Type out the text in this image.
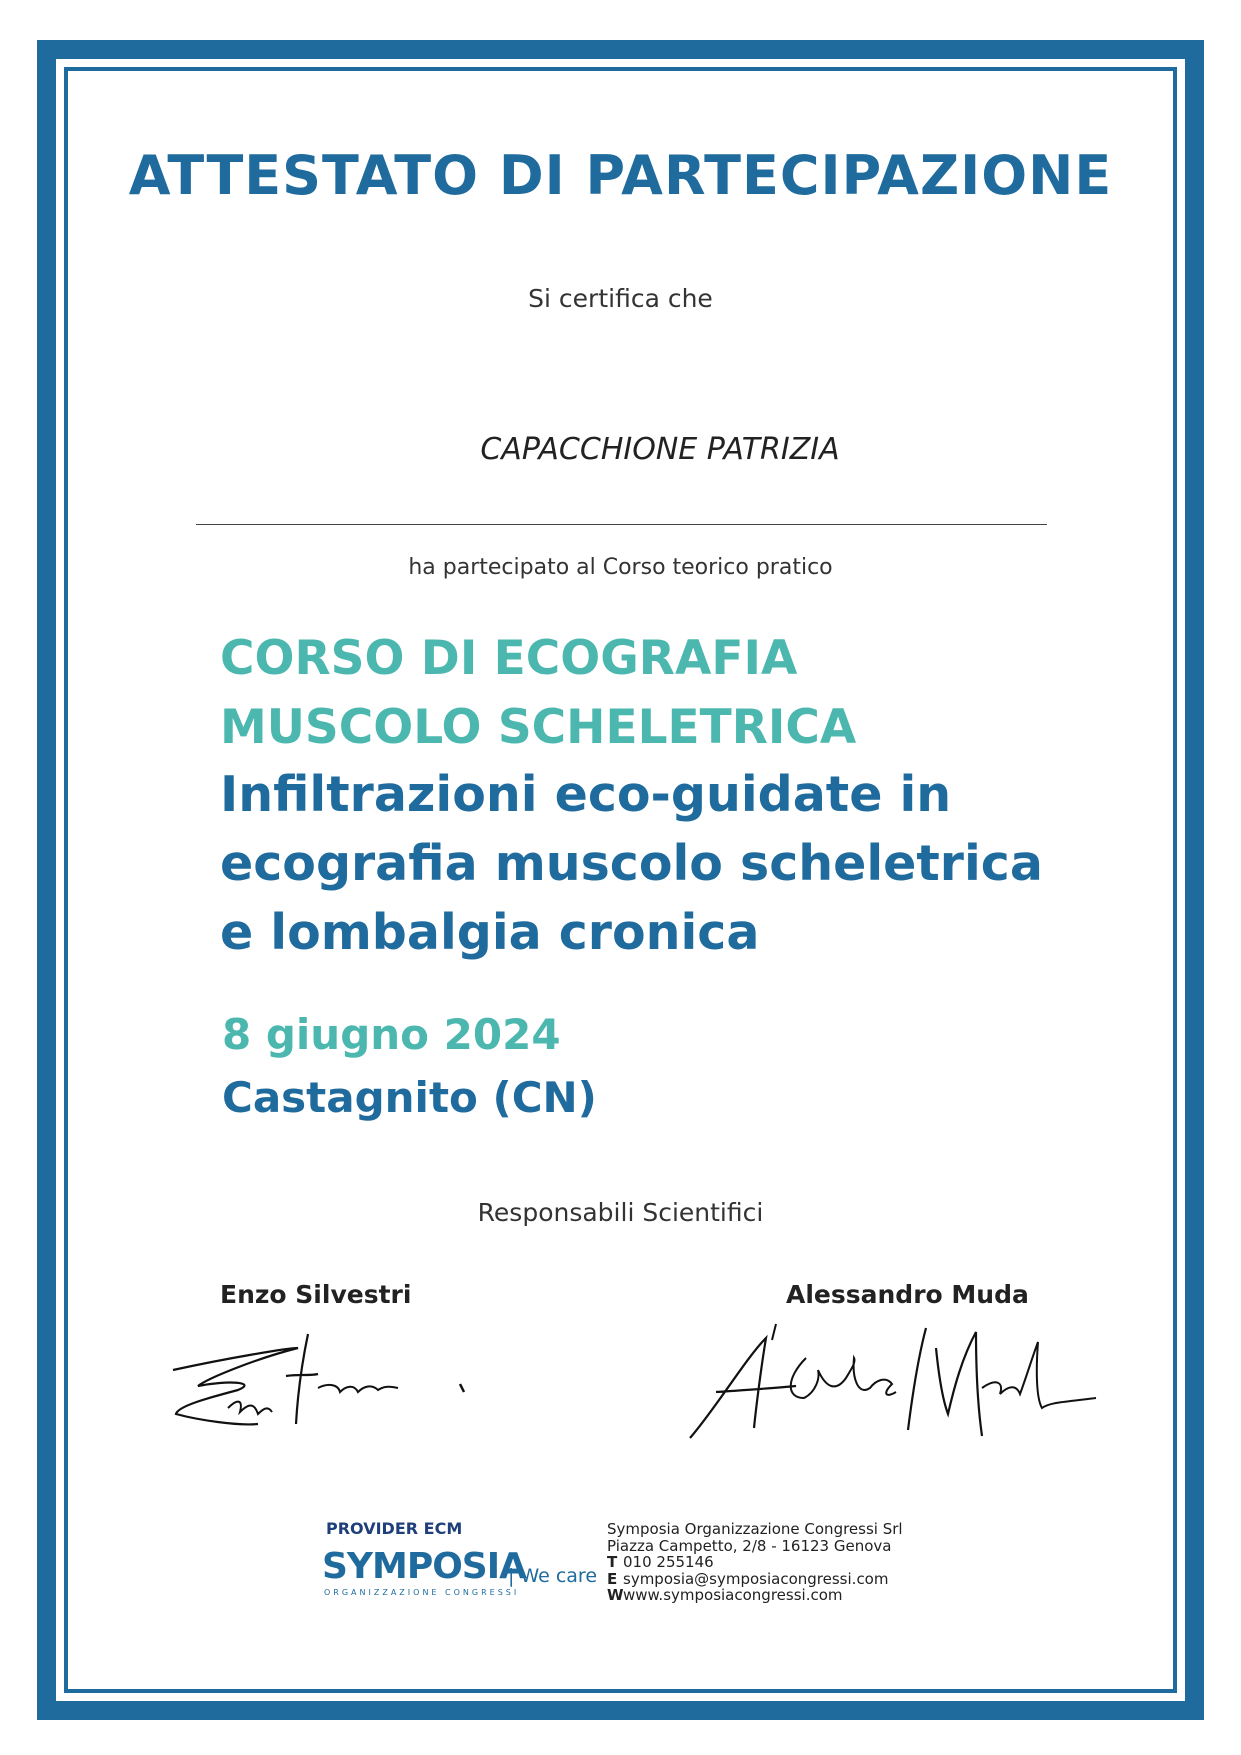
ATTESTATO DI PARTECIPAZIONE
Si certifica che
CAPACCHIONE PATRIZIA
ha partecipato al Corso teorico pratico
CORSO DI ECOGRAFIA
MUSCOLO SCHELETRICA
Infiltrazioni eco-guidate in
ecografia muscolo scheletrica
e lombalgia cronica
8 giugno 2024
Castagnito (CN)
Responsabili Scientifici
Enzo Silvestri	Alessandro Muda
PROVIDER ECM
SYMPOSIA
ORGANIZZAZIONE CONGRESSI
| We care
Symposia Organizzazione Congressi Srl
Piazza Campetto, 2/8 - 16123 Genova
T 010 255146
E symposia@symposiacongressi.com
Wwww.symposiacongressi.com
